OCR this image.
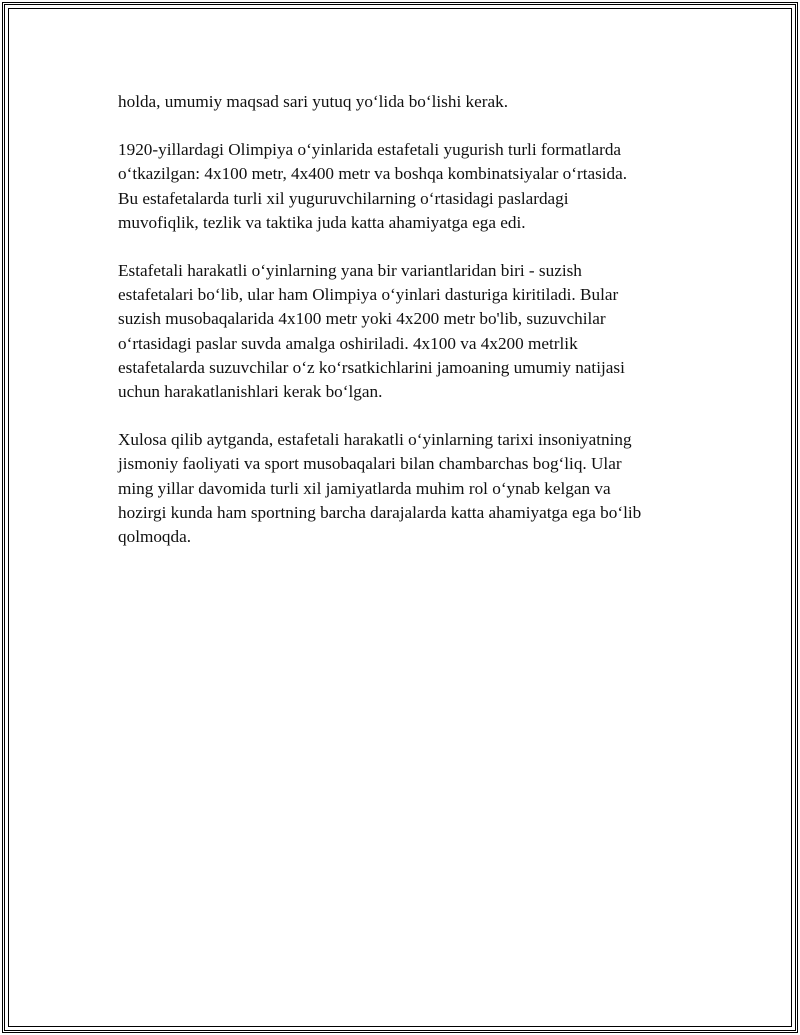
holda, umumiy maqsad sari yutuq yo‘lida bo‘lishi kerak.

1920-yillardagi Olimpiya o‘yinlarida estafetali yugurish turli formatlarda
o‘tkazilgan: 4x100 metr, 4x400 metr va boshqa kombinatsiyalar o‘rtasida.
Bu estafetalarda turli xil yuguruvchilarning o‘rtasidagi paslardagi
muvofiqlik, tezlik va taktika juda katta ahamiyatga ega edi.

Estafetali harakatli o‘yinlarning yana bir variantlaridan biri - suzish
estafetalari bo‘lib, ular ham Olimpiya o‘yinlari dasturiga kiritiladi. Bular
suzish musobaqalarida 4x100 metr yoki 4x200 metr bo'lib, suzuvchilar
o‘rtasidagi paslar suvda amalga oshiriladi. 4x100 va 4x200 metrlik
estafetalarda suzuvchilar o‘z ko‘rsatkichlarini jamoaning umumiy natijasi
uchun harakatlanishlari kerak bo‘lgan.

Xulosa qilib aytganda, estafetali harakatli o‘yinlarning tarixi insoniyatning
jismoniy faoliyati va sport musobaqalari bilan chambarchas bog‘liq. Ular
ming yillar davomida turli xil jamiyatlarda muhim rol o‘ynab kelgan va
hozirgi kunda ham sportning barcha darajalarda katta ahamiyatga ega bo‘lib
qolmoqda.
